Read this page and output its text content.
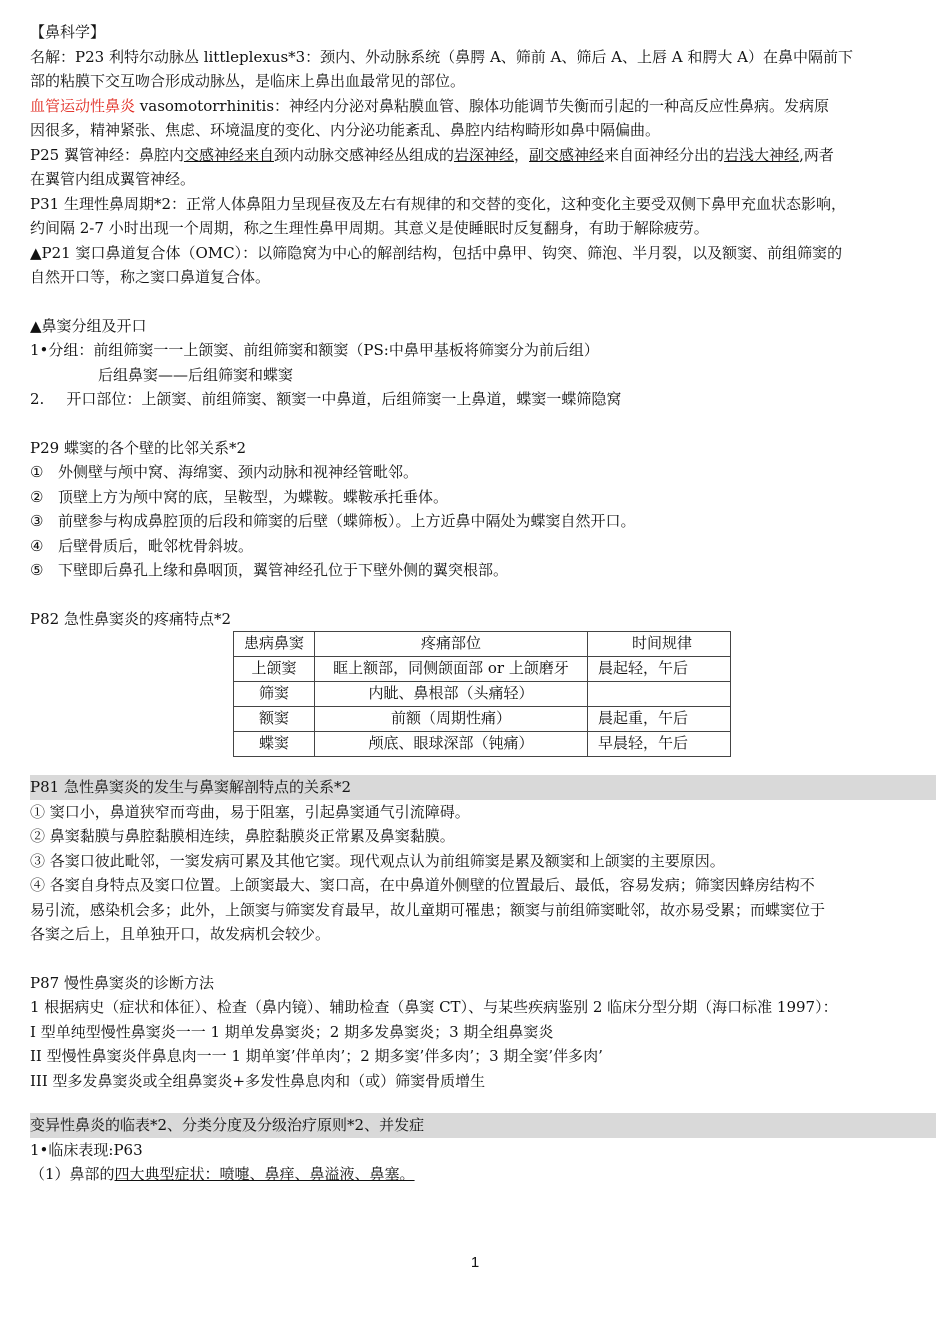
【鼻科学】

名解：P23 利特尔动脉丛 littleplexus*3：颈内、外动脉系统（鼻腭 A、筛前 A、筛后 A、上唇 A 和腭大 A）在鼻中隔前下
部的粘膜下交互吻合形成动脉丛，是临床上鼻出血最常见的部位。

血管运动性鼻炎 vasomotorrhinitis：神经内分泌对鼻粘膜血管、腺体功能调节失衡而引起的一种高反应性鼻病。发病原
因很多，精神紧张、焦虑、环境温度的变化、内分泌功能紊乱、鼻腔内结构畸形如鼻中隔偏曲。

P25 翼管神经：鼻腔内交感神经来自颈内动脉交感神经丛组成的岩深神经，副交感神经来自面神经分出的岩浅大神经,两者
在翼管内组成翼管神经。

P31 生理性鼻周期*2：正常人体鼻阻力呈现昼夜及左右有规律的和交替的变化，这种变化主要受双侧下鼻甲充血状态影响，
约间隔 2-7 小时出现一个周期，称之生理性鼻甲周期。其意义是使睡眠时反复翻身，有助于解除疲劳。

▲P21 窦口鼻道复合体（OMC）：以筛隐窝为中心的解剖结构，包括中鼻甲、钩突、筛泡、半月裂，以及额窦、前组筛窦的
自然开口等，称之窦口鼻道复合体。

▲鼻窦分组及开口

1•分组：前组筛窦一一上颌窦、前组筛窦和额窦（PS:中鼻甲基板将筛窦分为前后组）

后组鼻窦——后组筛窦和蝶窦

2. 开口部位：上颌窦、前组筛窦、额窦一中鼻道，后组筛窦一上鼻道，蝶窦一蝶筛隐窝

P29 蝶窦的各个壁的比邻关系*2

① 外侧壁与颅中窝、海绵窦、颈内动脉和视神经管毗邻。
② 顶壁上方为颅中窝的底，呈鞍型，为蝶鞍。蝶鞍承托垂体。
③ 前壁参与构成鼻腔顶的后段和筛窦的后壁（蝶筛板）。上方近鼻中隔处为蝶窦自然开口。
④ 后壁骨质后，毗邻枕骨斜坡。
⑤ 下壁即后鼻孔上缘和鼻咽顶，翼管神经孔位于下壁外侧的翼突根部。

P82 急性鼻窦炎的疼痛特点*2

患病鼻窦	疼痛部位	时间规律
上颌窦	眶上额部，同侧颌面部 or 上颌磨牙	晨起轻，午后
筛窦	内眦、鼻根部（头痛轻）	
额窦	前额（周期性痛）	晨起重，午后
蝶窦	颅底、眼球深部（钝痛）	早晨轻，午后

P81 急性鼻窦炎的发生与鼻窦解剖特点的关系*2

① 窦口小，鼻道狭窄而弯曲，易于阻塞，引起鼻窦通气引流障碍。

② 鼻窦黏膜与鼻腔黏膜相连续，鼻腔黏膜炎正常累及鼻窦黏膜。

③ 各窦口彼此毗邻，一窦发病可累及其他它窦。现代观点认为前组筛窦是累及额窦和上颌窦的主要原因。

④ 各窦自身特点及窦口位置。上颌窦最大、窦口高，在中鼻道外侧壁的位置最后、最低，容易发病；筛窦因蜂房结构不
易引流，感染机会多；此外，上颌窦与筛窦发育最早，故儿童期可罹患；额窦与前组筛窦毗邻，故亦易受累；而蝶窦位于
各窦之后上，且单独开口，故发病机会较少。

P87 慢性鼻窦炎的诊断方法

1 根据病史（症状和体征）、检查（鼻内镜）、辅助检查（鼻窦 CT）、与某些疾病鉴别 2 临床分型分期（海口标准 1997）：

I 型单纯型慢性鼻窦炎一一 1 期单发鼻窦炎；2 期多发鼻窦炎；3 期全组鼻窦炎

II 型慢性鼻窦炎伴鼻息肉一一 1 期单窦’伴单肉’；2 期多窦’伴多肉’；3 期全窦’伴多肉’

III 型多发鼻窦炎或全组鼻窦炎+多发性鼻息肉和（或）筛窦骨质增生

变异性鼻炎的临表*2、分类分度及分级治疗原则*2、并发症

1•临床表现:P63

（1）鼻部的四大典型症状：喷嚏、鼻痒、鼻溢液、鼻塞。

1
